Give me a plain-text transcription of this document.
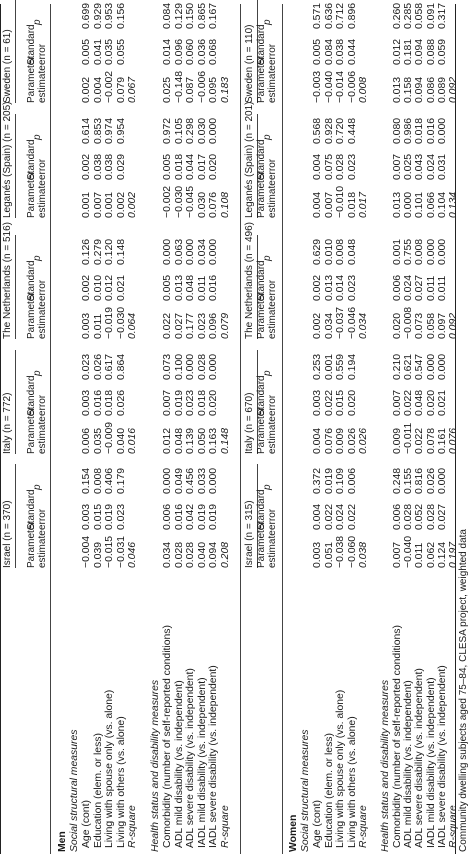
Israel (n = 370) Parameter
estimate
Standard
error
p
Italy (n = 772) Parameter
estimate
Standard
error
p
The Netherlands (n = 516) Parameter
estimate
Standard
error
p
Leganés (Spain) (n = 205) Parameter
estimate
Standard
error
p
Sweden (n = 61) Parameter
estimate
Standard
error
p
Men Social structural measures Age (cont)
−0.004
0.003
0.154
0.006
0.003
0.023
0.003
0.002
0.126
0.001
0.002
0.614
0.002
0.005
0.699
Education (elem. or less)
0.039
0.015
0.008
0.035
0.016
0.026
0.011
0.010
0.279
0.007
0.038
0.853
0.004
0.041
0.929
Living with spouse only (vs. alone)
−0.015
0.019
0.406
−0.009
0.018
0.617
−0.019
0.012
0.120
0.001
0.038
0.974
−0.002
0.035
0.953
Living with others (vs. alone)
−0.031
0.023
0.179
0.040
0.026
0.864
−0.030
0.021
0.148
0.002
0.029
0.954
0.079
0.055
0.156
R-square
0.046
0.016
0.064
0.002
0.067
Health status and disability measures Comorbidity (number of self-reported conditions)
0.034
0.006
0.000
0.012
0.007
0.073
0.022
0.005
0.000
−0.002
0.005
0.972
0.025
0.014
0.084
ADL mild disability (vs. independent)
0.028
0.016
0.049
0.048
0.019
0.100
0.027
0.013
0.063
−0.030
0.018
0.105
−0.148
0.096
0.129
ADL severe disability (vs. independent)
0.028
0.042
0.456
0.139
0.023
0.000
0.177
0.048
0.000
−0.045
0.044
0.298
0.087
0.060
0.150
IADL mild disability (vs. independent)
0.040
0.019
0.033
0.050
0.018
0.028
0.023
0.011
0.034
0.030
0.017
0.030
−0.006
0.036
0.865
IADL severe disability (vs. independent)
0.094
0.019
0.000
0.163
0.020
0.000
0.096
0.016
0.000
0.076
0.020
0.000
0.095
0.068
0.167
R-square
0.208
0.148
0.079
0.108
0.183
Israel (n = 315) Parameter
estimate
Standard
error
p
Italy (n = 670) Parameter
estimate
Standard
error
p
The Netherlands (n = 496) Parameter
estimate
Standard
error
p
Leganés (Spain) (n = 201) Parameter
estimate
Standard
error
p
Sweden (n = 110) Parameter
estimate
Standard
error
p
Women Social structural measures Age (cont)
0.003
0.004
0.372
0.004
0.003
0.253
0.002
0.002
0.629
0.004
0.004
0.568
−0.003
0.005
0.571
Education (elem. or less)
0.051
0.022
0.019
0.076
0.022
0.001
0.034
0.013
0.010
0.007
0.075
0.928
−0.040
0.084
0.636
Living with spouse only (vs. alone)
−0.038
0.024
0.109
0.009
0.015
0.559
−0.037
0.014
0.008
−0.010
0.028
0.720
−0.014
0.038
0.712
Living with others (vs. alone)
−0.060
0.022
0.006
0.026
0.020
0.194
−0.046
0.023
0.048
0.018
0.023
0.448
−0.006
0.044
0.896
R-square
0.038
0.026
0.034
0.017
0.008
Health status and disability measures Comorbidity (number of self-reported conditions)
0.007
0.006
0.248
0.009
0.007
0.210
0.020
0.006
0.001
0.013
0.007
0.080
0.013
0.012
0.260
ADL mild disability (vs. independent)
−0.040
0.028
0.155
−0.011
0.022
0.621
−0.008
0.024
0.755
0.000
0.025
0.986
0.158
0.181
0.285
ADL severe disability (vs. independent)
0.011
0.052
0.816
0.022
0.048
0.547
0.073
0.027
0.008
0.101
0.043
0.018
0.094
0.094
0.058
IADL mild disability (vs. independent)
0.062
0.028
0.026
0.078
0.020
0.000
0.058
0.011
0.000
0.066
0.024
0.016
0.086
0.088
0.091
IADL severe disability (vs. independent)
0.124
0.027
0.000
0.161
0.021
0.000
0.097
0.011
0.000
0.104
0.031
0.000
0.089
0.059
0.317
R-square
0.197
0.076
0.092
0.134
0.092
Community dwelling subjects aged 75–84, CLESA project, weighted data
